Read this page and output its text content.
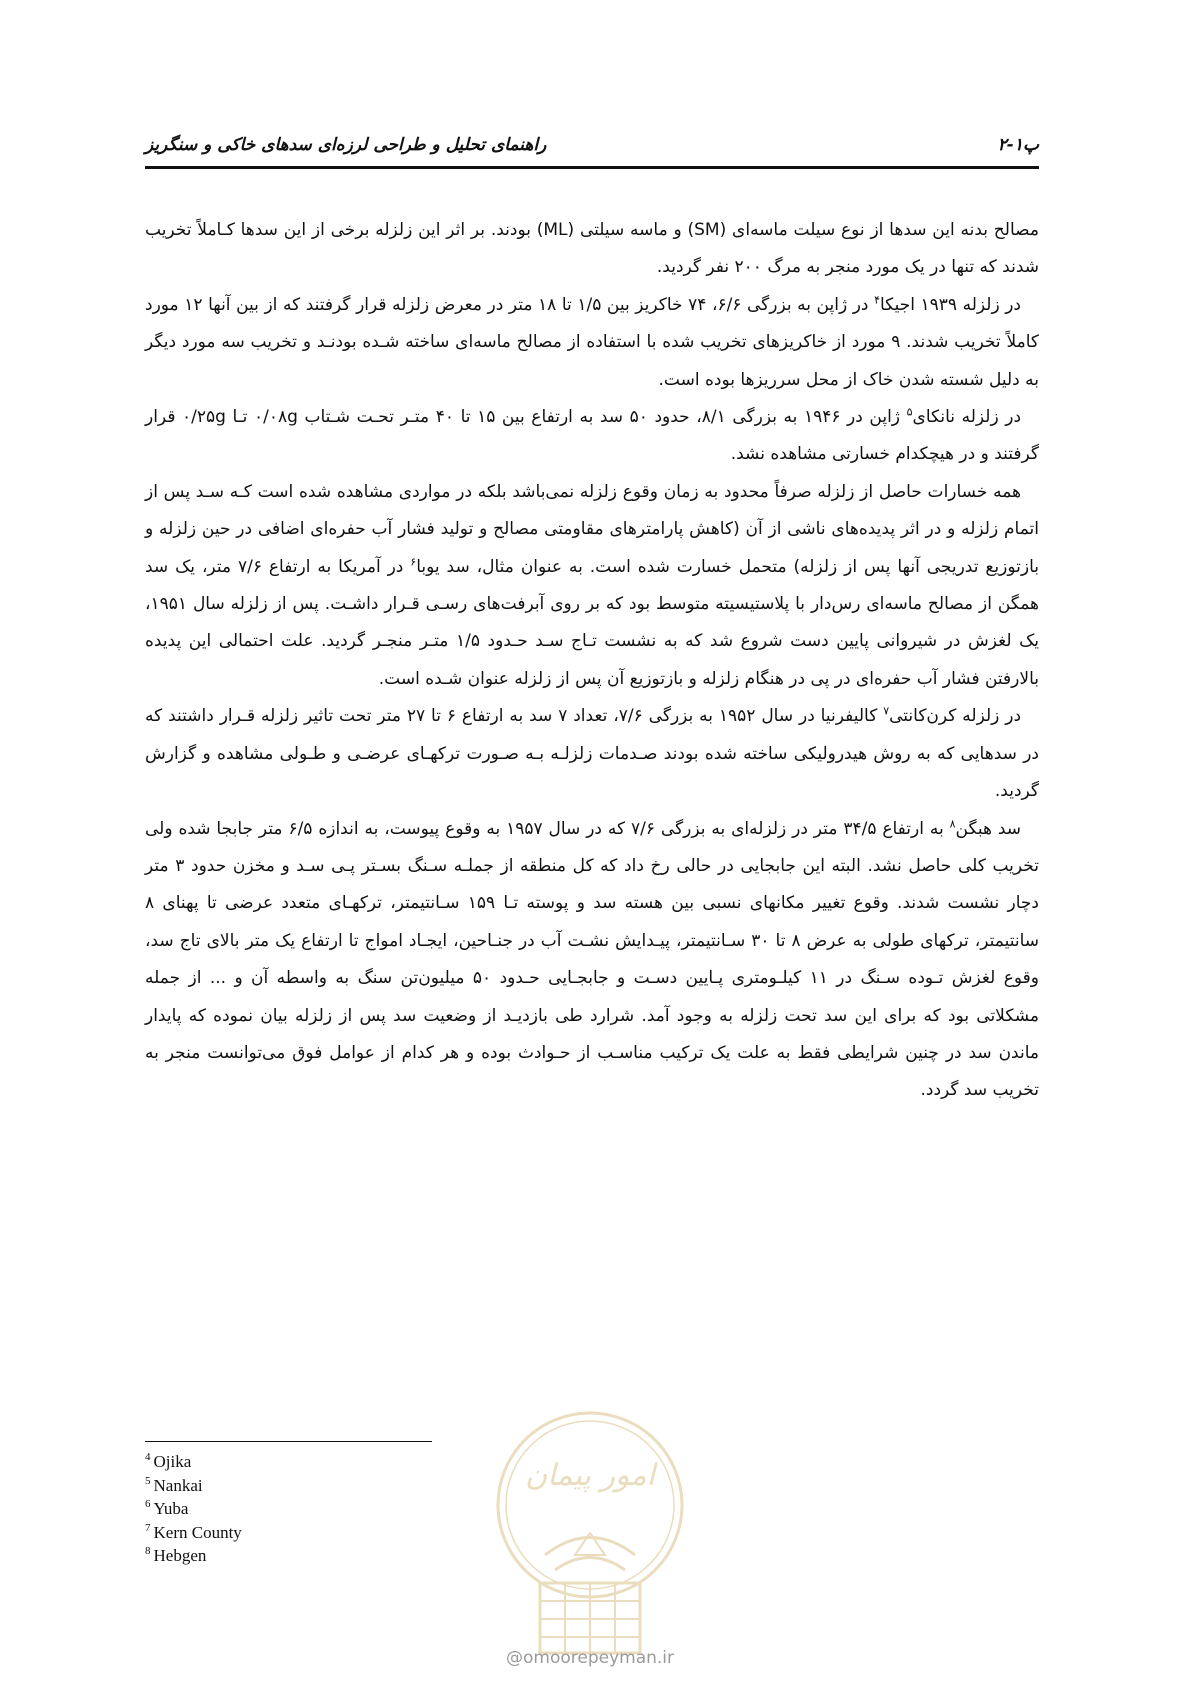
پ۱-۲
راهنمای تحلیل و طراحی لرزه‌ای سدهای خاکی و سنگریز

مصالح بدنه این سدها از نوع سیلت ماسه‌ای (SM) و ماسه سیلتی (ML) بودند. بر اثر این زلزله برخی از این سدها کـاملاً تخریب شدند که تنها در یک مورد منجر به مرگ ۲۰۰ نفر گردید.

در زلزله ۱۹۳۹ اجیکا$^۴$ در ژاپن به بزرگی ۶/۶، ۷۴ خاکریز بین ۱/۵ تا ۱۸ متر در معرض زلزله قرار گرفتند که از بین آنها ۱۲ مورد کاملاً تخریب شدند. ۹ مورد از خاکریزهای تخریب شده با استفاده از مصالح ماسه‌ای ساخته شـده بودنـد و تخریب سه مورد دیگر به دلیل شسته شدن خاک از محل سرریزها بوده است.

در زلزله نانکای$^۵$ ژاپن در ۱۹۴۶ به بزرگی ۸/۱، حدود ۵۰ سد به ارتفاع بین ۱۵ تا ۴۰ متـر تحـت شـتاب ۰/۰۸g تـا ۰/۲۵g قرار گرفتند و در هیچکدام خسارتی مشاهده نشد.

همه خسارات حاصل از زلزله صرفاً محدود به زمان وقوع زلزله نمی‌باشد بلکه در مواردی مشاهده شده است کـه سـد پس از اتمام زلزله و در اثر پدیده‌های ناشی از آن (کاهش پارامترهای مقاومتی مصالح و تولید فشار آب حفره‌ای اضافی در حین زلزله و بازتوزیع تدریجی آنها پس از زلزله) متحمل خسارت شده است. به عنوان مثال، سد یوبا$^۶$ در آمریکا به ارتفاع ۷/۶ متر، یک سد همگن از مصالح ماسه‌ای رس‌دار با پلاستیسیته متوسط بود که بر روی آبرفت‌های رسـی قـرار داشـت. پس از زلزله سال ۱۹۵۱، یک لغزش در شیروانی پایین دست شروع شد که به نشست تـاج سـد حـدود ۱/۵ متـر منجـر گردید. علت احتمالی این پدیده بالارفتن فشار آب حفره‌ای در پی در هنگام زلزله و بازتوزیع آن پس از زلزله عنوان شـده است.

در زلزله کرن‌کانتی$^۷$ کالیفرنیا در سال ۱۹۵۲ به بزرگی ۷/۶، تعداد ۷ سد به ارتفاع ۶ تا ۲۷ متر تحت تاثیر زلزله قـرار داشتند که در سدهایی که به روش هیدرولیکی ساخته شده بودند صـدمات زلزلـه بـه صـورت ترکهـای عرضـی و طـولی مشاهده و گزارش گردید.

سد هبگن$^۸$ به ارتفاع ۳۴/۵ متر در زلزله‌ای به بزرگی ۷/۶ که در سال ۱۹۵۷ به وقوع پیوست، به اندازه ۶/۵ متر جابجا شده ولی تخریب کلی حاصل نشد. البته این جابجایی در حالی رخ داد که کل منطقه از جملـه سـنگ بسـتر پـی سـد و مخزن حدود ۳ متر دچار نشست شدند. وقوع تغییر مکانهای نسبی بین هسته سد و پوسته تـا ۱۵۹ سـانتیمتر، ترکهـای متعدد عرضی تا پهنای ۸ سانتیمتر، ترکهای طولی به عرض ۸ تا ۳۰ سـانتیمتر، پیـدایش نشـت آب در جنـاحین، ایجـاد امواج تا ارتفاع یک متر بالای تاج سد، وقوع لغزش تـوده سـنگ در ۱۱ کیلـومتری پـایین دسـت و جابجـایی حـدود ۵۰ میلیون‌تن سنگ به واسطه آن و ... از جمله مشکلاتی بود که برای این سد تحت زلزله به وجود آمد. شرارد طی بازدیـد از وضعیت سد پس از زلزله بیان نموده که پایدار ماندن سد در چنین شرایطی فقط به علت یک ترکیب مناسـب از حـوادث بوده و هر کدام از عوامل فوق می‌توانست منجر به تخریب سد گردد.

$^4$ Ojika
$^5$ Nankai
$^6$ Yuba
$^7$ Kern County
$^8$ Hebgen
امور پیمان
@omoorepeyman.ir
